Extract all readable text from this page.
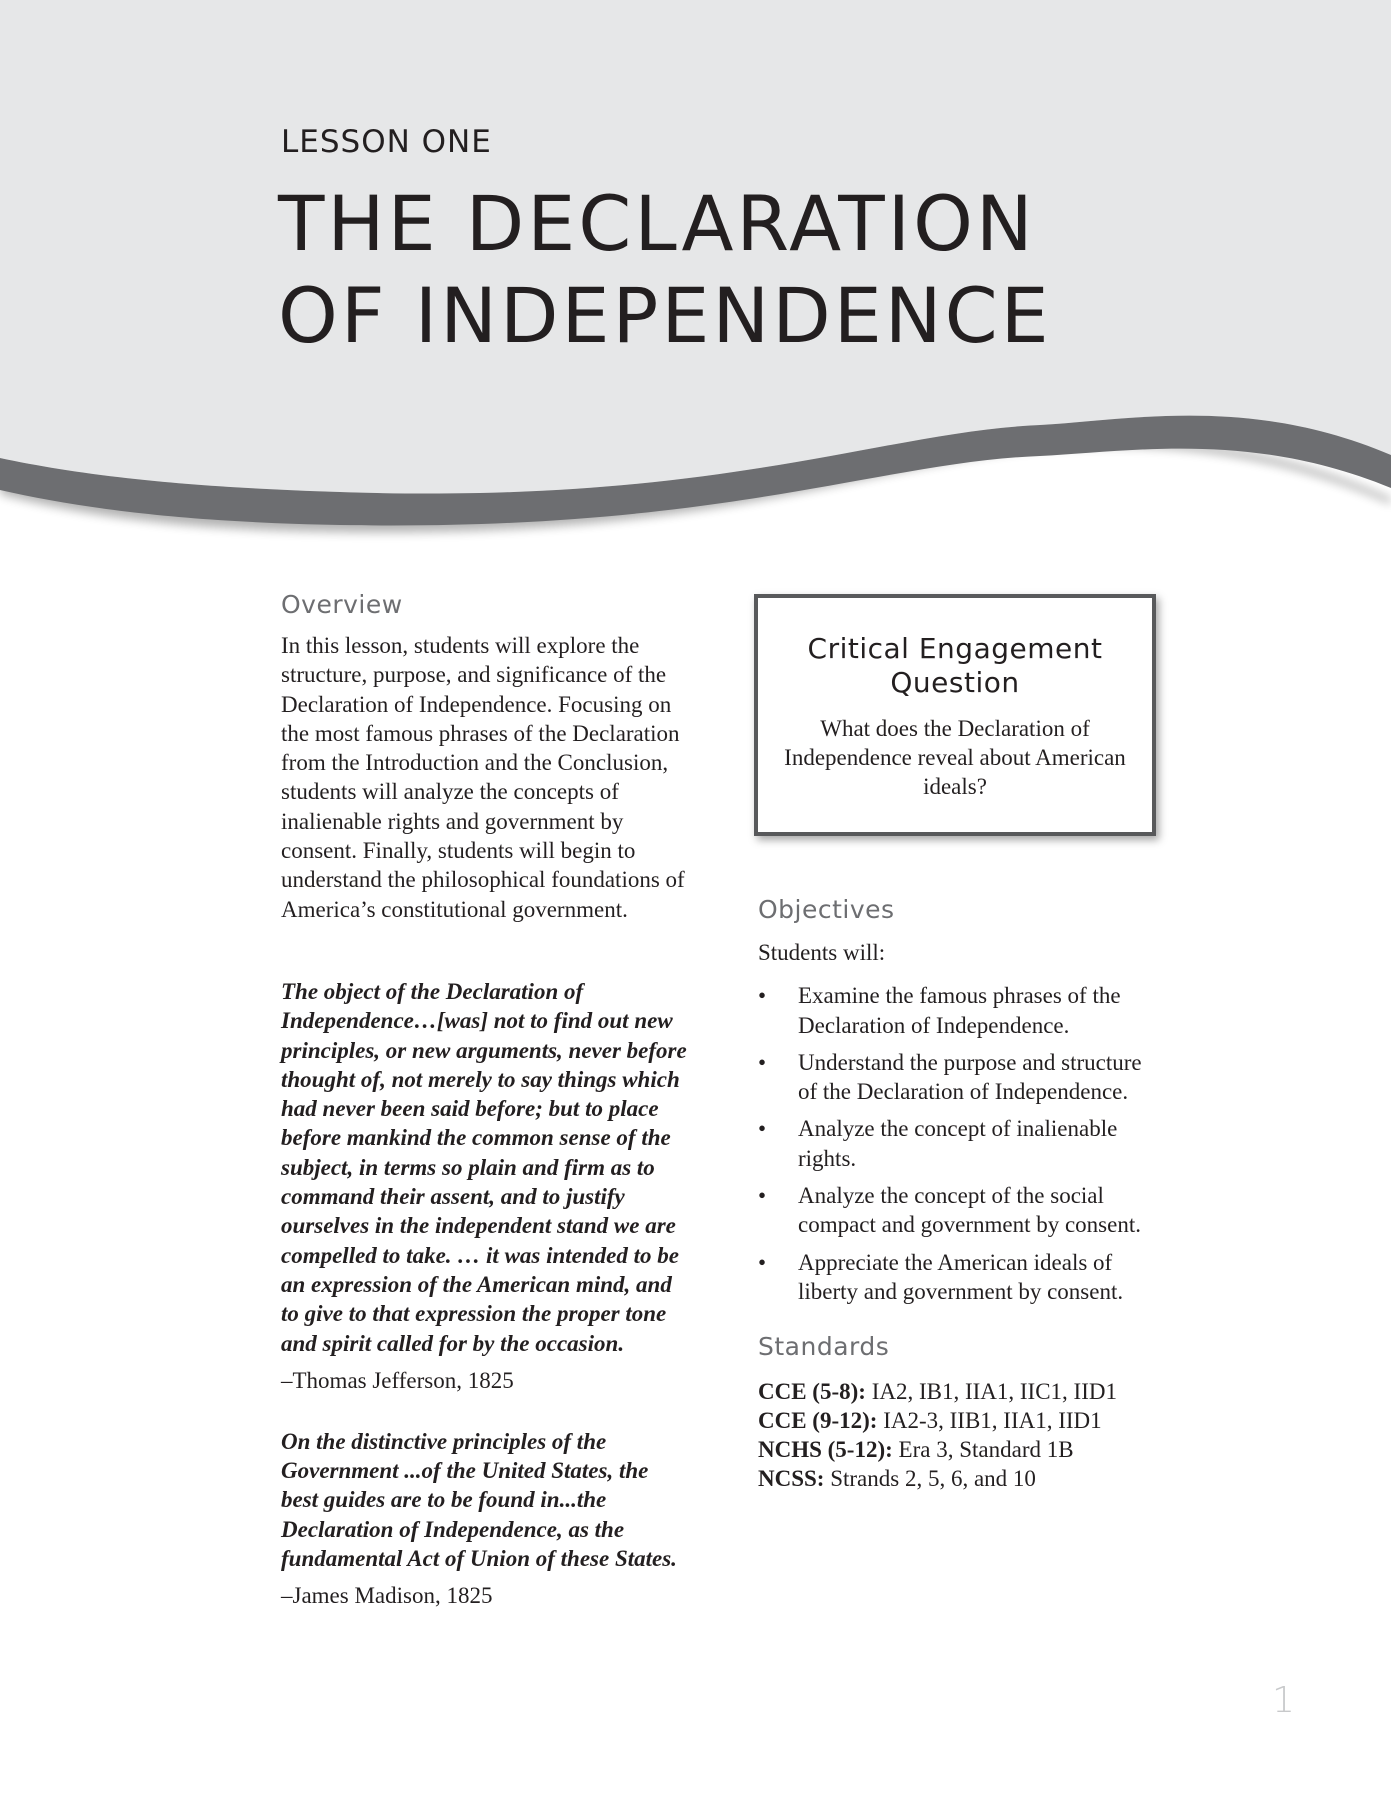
LESSON ONE
THE DECLARATION
OF INDEPENDENCE
Overview

In this lesson, students will explore the structure, purpose, and significance of the Declaration of Independence. Focusing on the most famous phrases of the Declaration from the Introduction and the Conclusion, students will analyze the concepts of inalienable rights and government by consent. Finally, students will begin to understand the philosophical foundations of America’s constitutional government.

The object of the Declaration of Independence…[was] not to find out new principles, or new arguments, never before thought of, not merely to say things which had never been said before; but to place before mankind the common sense of the subject, in terms so plain and firm as to command their assent, and to justify ourselves in the independent stand we are compelled to take. … it was intended to be an expression of the American mind, and to give to that expression the proper tone and spirit called for by the occasion.

–Thomas Jefferson, 1825

On the distinctive principles of the Government ...of the United States, the best guides are to be found in...the Declaration of Independence, as the fundamental Act of Union of these States.

–James Madison, 1825

Critical Engagement Question

What does the Declaration of Independence reveal about American ideals?

Objectives

Students will:

• Examine the famous phrases of the Declaration of Independence.
• Understand the purpose and structure of the Declaration of Independence.
• Analyze the concept of inalienable rights.
• Analyze the concept of the social compact and government by consent.
• Appreciate the American ideals of liberty and government by consent.
Standards

CCE (5-8): IA2, IB1, IIA1, IIC1, IID1

CCE (9-12): IA2-3, IIB1, IIA1, IID1

NCHS (5-12): Era 3, Standard 1B

NCSS: Strands 2, 5, 6, and 10

1
